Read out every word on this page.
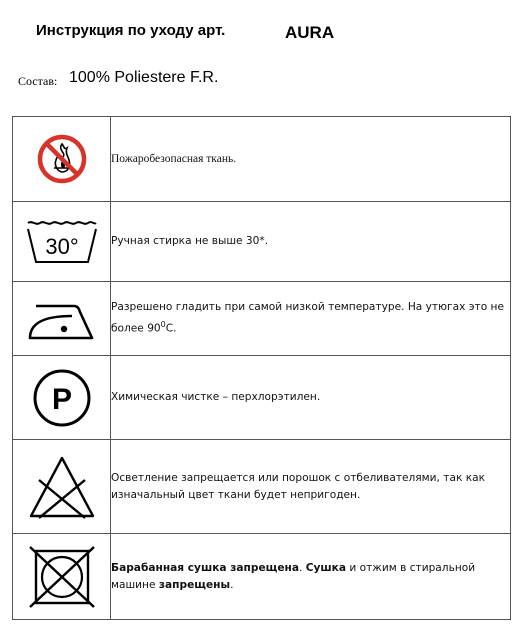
Инструкция по уходу арт.	AURA
Состав: 100% Poliestere F.R.
	Пожаробезопасная ткань.

30°	Ручная стирка не выше 30*.

	Разрешено гладить при самой низкой температуре. На утюгах это не более $90^0С$.

P	Химическая чистке – перхлорэтилен.

	Осветление запрещается или порошок с отбеливателями, так как изначальный цвет ткани будет непригоден.

	Барабанная сушка запрещена. Сушка и отжим в стиральной машине запрещены.
